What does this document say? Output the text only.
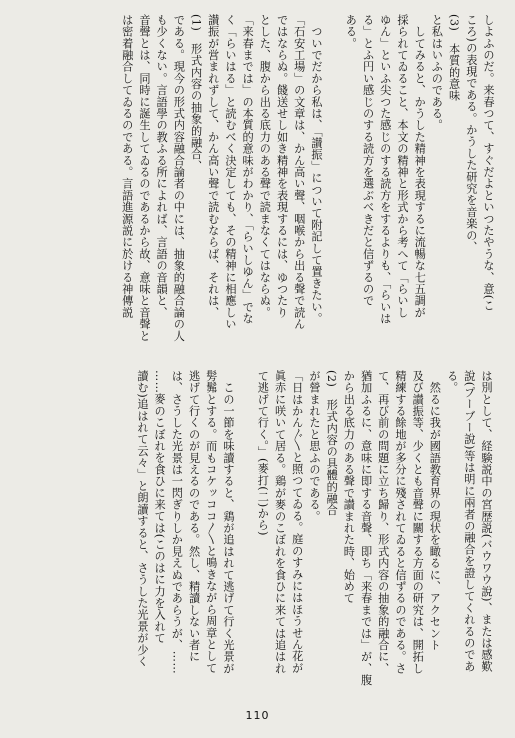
しよふのだ。来春つて、すぐだよといつたやうな、意(こ
ころ)の表現である。かうした研究を音楽の、
(3)　本質的意味
と私はいふのである。
　してみると、かうした精神を表現するに流暢な七五調が
採られてゐること、本文の精神と形式から考へて「らいし
ゆん」といふ尖つた感じのする読方をするよりも、「らいは
る」とふ円い感じのする読方を選ぶべきだと信ずるので
ある。

　ついでだから私は、「讃振」について附記して置きたい。
「石安工場」の文章は、かん高い聲、咽喉から出る聲で読ん
ではならぬ。餞送せし如き精神を表現するには、ゆつたり
とした、腹から出る底力のある聲で読まなくてはならぬ。
「来春までは」の本質的意味がわかり、「らいしゆん」でな
く「らいはる」と読むべく決定しても、その精神に相應しい
讃振が営まれずして、かん高い聲で読むならば、それは、
(1)　形式内容の抽象的融合、
である。現今の形式内容融合論者の中には、抽象的融合論の人
も少くない。言語學の教ふる所によれば、言語の音韻と、
音聲とは、同時に誕生してゐるのであるから故、意味と音聲と
は密着融合してゐるのである。言語進源説に於ける神傳説
は別として、経験説中の宮歴説(バウワウ說)、または感歎
說(プーブー說)等は明に兩者の融合を證してくれるのであ
る。
　然るに我が國語教育界の現状を瞰るに、アクセント
及び讃振等、少くとも音聲に關する方面の研究は、開拓し
精練する餘地が多分に殘されてゐると信ずるのである。さ
て、再び前の問題に立ち歸り、形式内容の抽象的融合に、
猶加ふるに、意味に即する音聲、即ち「来春までは」が、腹
から出る底力のある聲で讃まれた時、始めて
(2)　形式内容の具體的融合
が營まれたと思ふのである。
「日はかん〴〵と照つてゐる。庭のすみにはほうせん花が
眞赤に咲いて居る。鶏が麥のこぼれを食ひに来ては追はれ
て逃げて行く。」(麥打(二)から)

　この一節を味讀すると、鶏が追はれて逃げて行く光景が
髣髴とする。而もコケッココ〳〵と鳴きながら周章として
逃げて行くのが見えるのである。然し、精讀しない者に
は、さうした光景は一閃ぎりしか見えぬであらうが、……
……麥のこぼれを食ひに来ては(このはに力を入れて
讀む)追はれて云々」と朗讀すると、さうした光景が少く
110
